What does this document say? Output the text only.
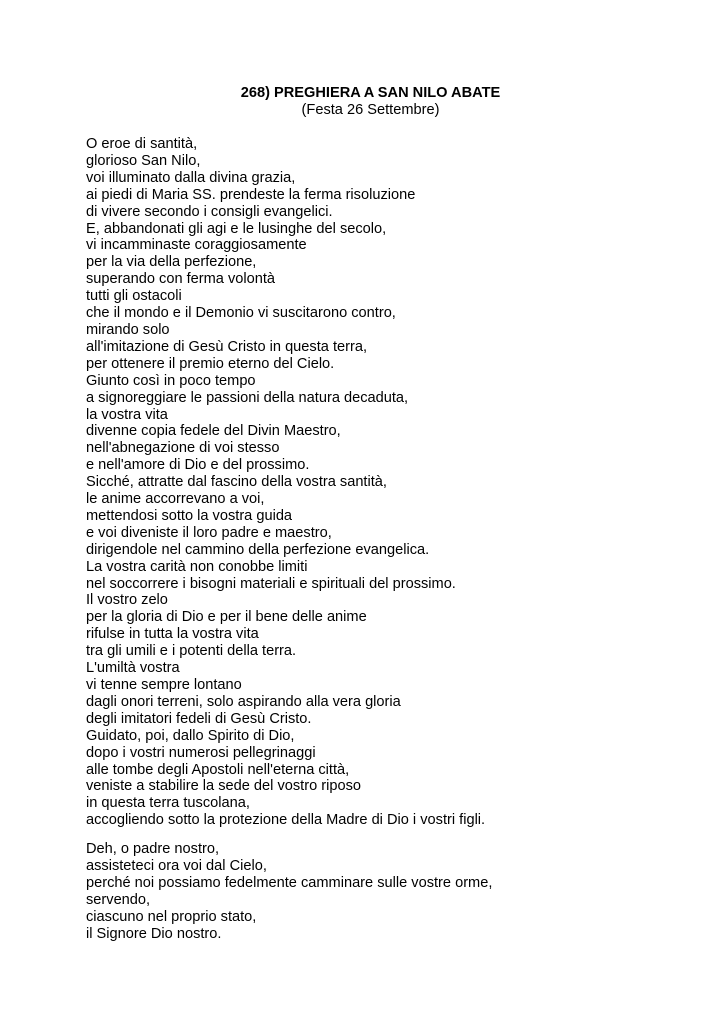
268) PREGHIERA A SAN NILO ABATE
(Festa 26 Settembre)
O eroe di santità,
glorioso San Nilo,
voi illuminato dalla divina grazia,
ai piedi di Maria SS. prendeste la ferma risoluzione
di vivere secondo i consigli evangelici.
E, abbandonati gli agi e le lusinghe del secolo,
vi incamminaste coraggiosamente
per la via della perfezione,
superando con ferma volontà
tutti gli ostacoli
che il mondo e il Demonio vi suscitarono contro,
mirando solo
all'imitazione di Gesù Cristo in questa terra,
per ottenere il premio eterno del Cielo.
Giunto così in poco tempo
a signoreggiare le passioni della natura decaduta,
la vostra vita
divenne copia fedele del Divin Maestro,
nell'abnegazione di voi stesso
e nell'amore di Dio e del prossimo.
Sicché, attratte dal fascino della vostra santità,
le anime accorrevano a voi,
mettendosi sotto la vostra guida
e voi diveniste il loro padre e maestro,
dirigendole nel cammino della perfezione evangelica.
La vostra carità non conobbe limiti
nel soccorrere i bisogni materiali e spirituali del prossimo.
Il vostro zelo
per la gloria di Dio e per il bene delle anime
rifulse in tutta la vostra vita
tra gli umili e i potenti della terra.
L'umiltà vostra
vi tenne sempre lontano
dagli onori terreni, solo aspirando alla vera gloria
degli imitatori fedeli di Gesù Cristo.
Guidato, poi, dallo Spirito di Dio,
dopo i vostri numerosi pellegrinaggi
alle tombe degli Apostoli nell'eterna città,
veniste a stabilire la sede del vostro riposo
in questa terra tuscolana,
accogliendo sotto la protezione della Madre di Dio i vostri figli.
Deh, o padre nostro,
assisteteci ora voi dal Cielo,
perché noi possiamo fedelmente camminare sulle vostre orme,
servendo,
ciascuno nel proprio stato,
il Signore Dio nostro.
